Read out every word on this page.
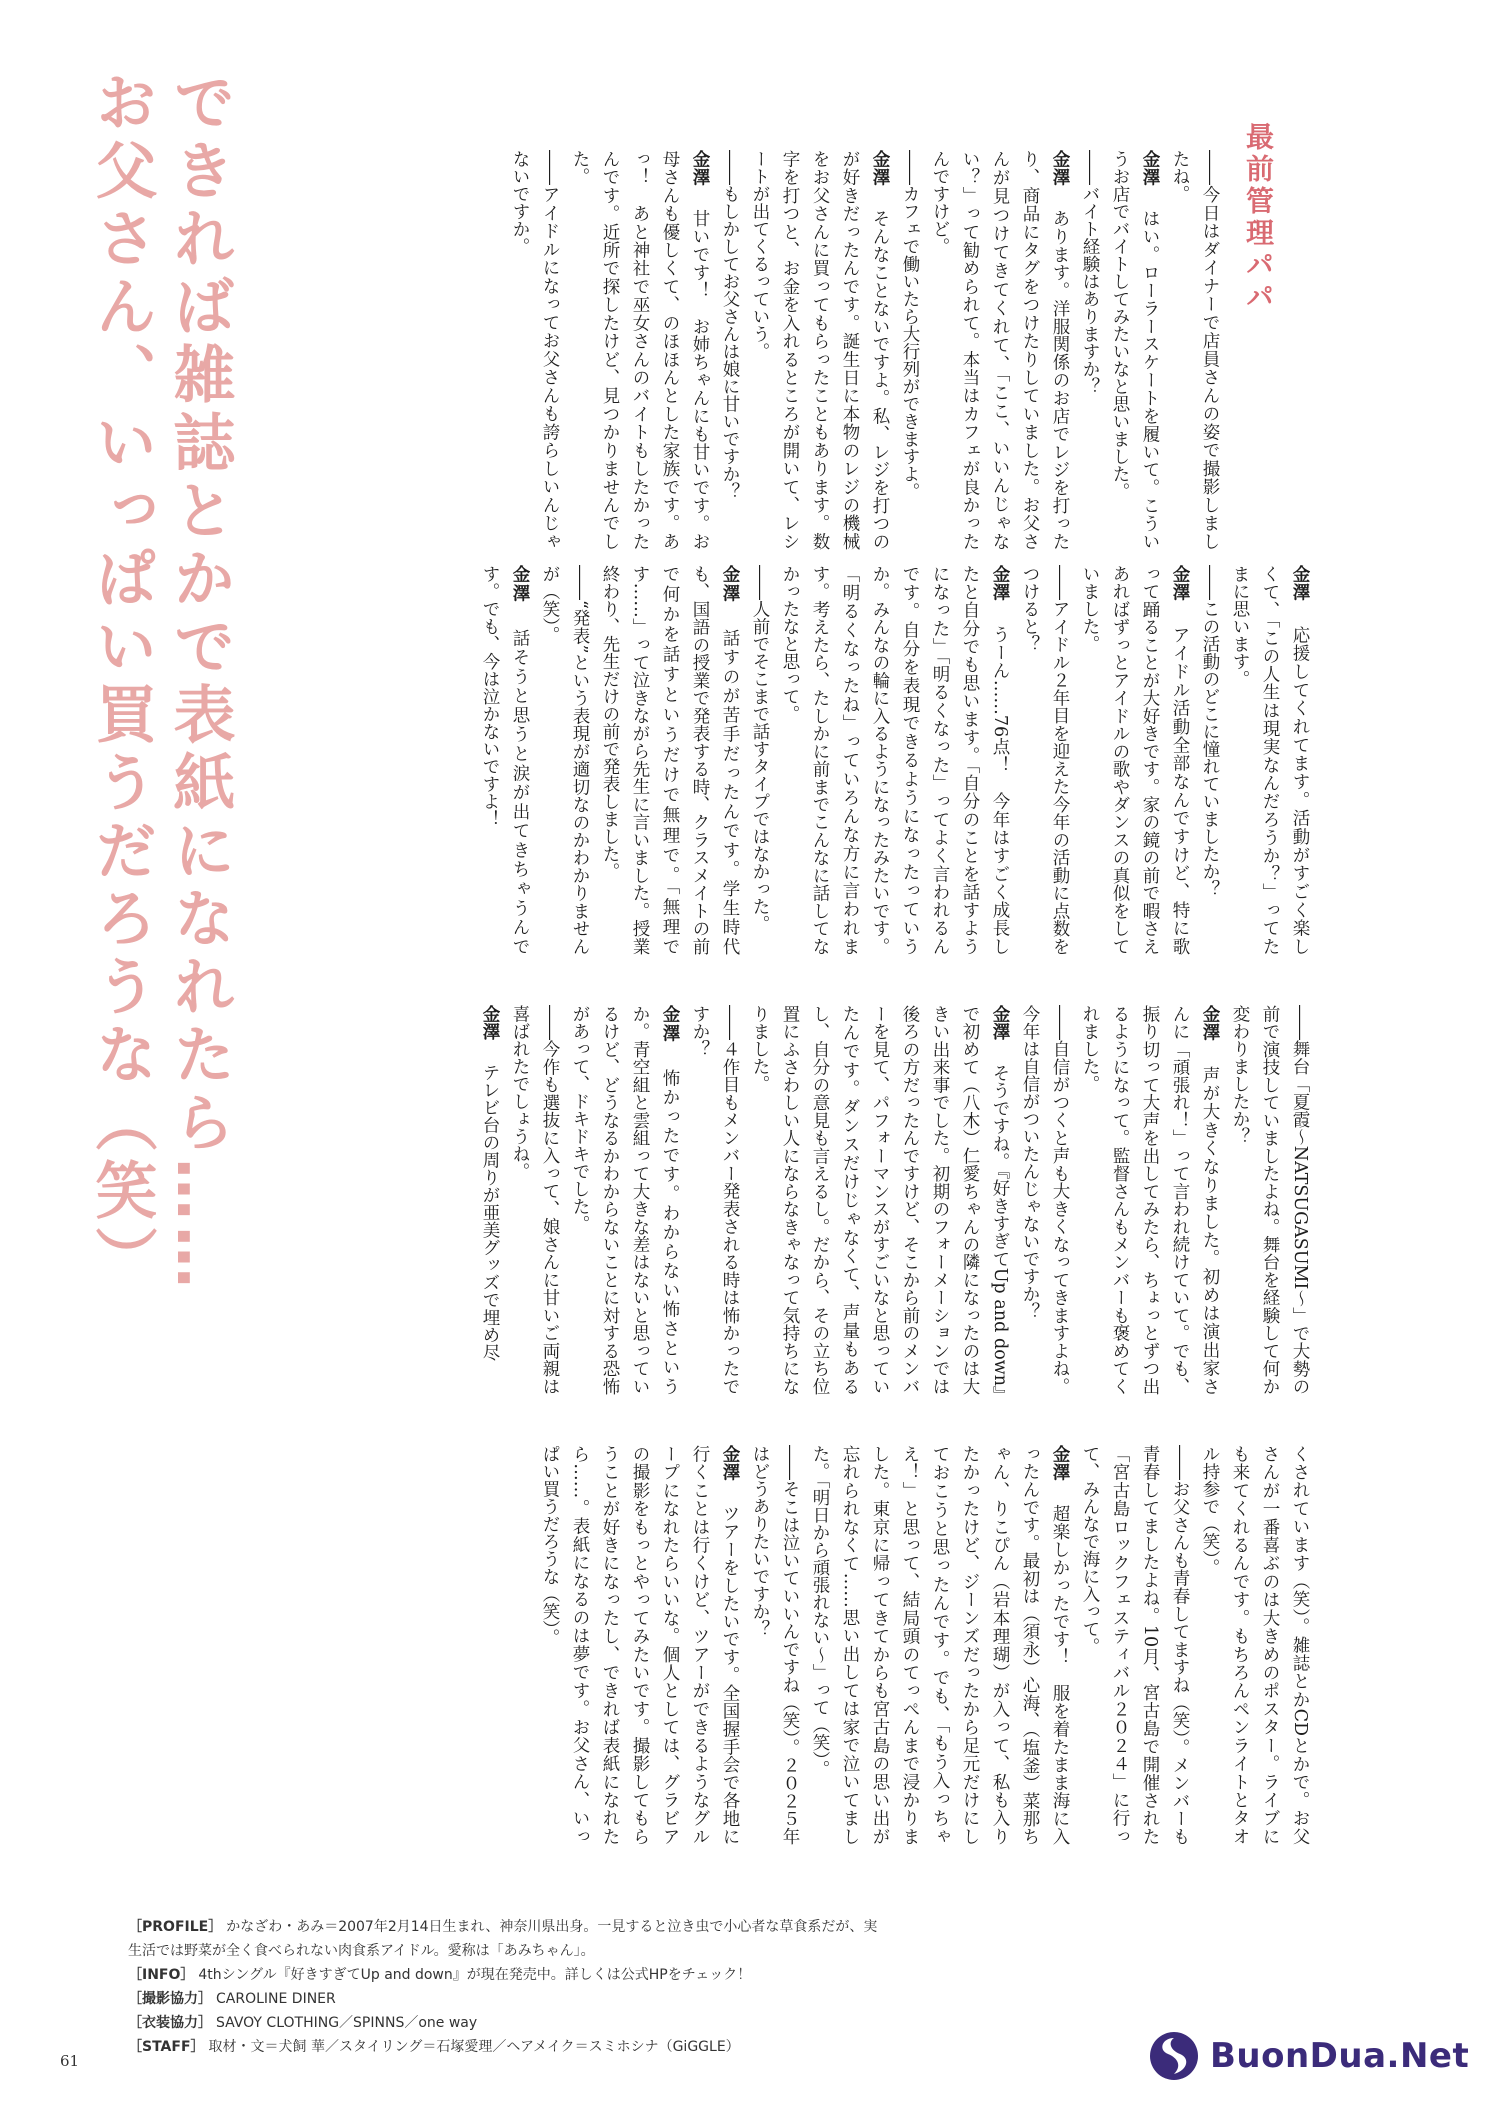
できれば雑誌とかで表紙になれたら……
お父さん、いっぱい買うだろうな（笑）	最前管理パパ

――今日はダイナーで店員さんの姿で撮影しましたね。

金澤　はい。ローラースケートを履いて。こういうお店でバイトしてみたいなと思いました。

――バイト経験はありますか？

金澤　あります。洋服関係のお店でレジを打ったり、商品にタグをつけたりしていました。お父さんが見つけてきてくれて、「ここ、いいんじゃない？」って勧められて。本当はカフェが良かったんですけど。

――カフェで働いたら大行列ができますよ。

金澤　そんなことないですよ。私、レジを打つのが好きだったんです。誕生日に本物のレジの機械をお父さんに買ってもらったこともあります。数字を打つと、お金を入れるところが開いて、レシートが出てくるっていう。

――もしかしてお父さんは娘に甘いですか？

金澤　甘いです！　お姉ちゃんにも甘いです。お母さんも優しくて、のほほんとした家族です。あっ！　あと神社で巫女さんのバイトもしたかったんです。近所で探したけど、見つかりませんでした。

――アイドルになってお父さんも誇らしいんじゃないですか。

金澤　応援してくれてます。活動がすごく楽しくて、「この人生は現実なんだろうか？」ってたまに思います。

――この活動のどこに憧れていましたか？

金澤　アイドル活動全部なんですけど、特に歌って踊ることが大好きです。家の鏡の前で暇さえあればずっとアイドルの歌やダンスの真似をしていました。

――アイドル２年目を迎えた今年の活動に点数をつけると？

金澤　うーん……76点！　今年はすごく成長したと自分でも思います。「自分のことを話すようになった」「明るくなった」ってよく言われるんです。自分を表現できるようになったっていうか。みんなの輪に入るようになったみたいです。「明るくなったね」っていろんな方に言われます。考えたら、たしかに前までこんなに話してなかったなと思って。

――人前でそこまで話すタイプではなかった。

金澤　話すのが苦手だったんです。学生時代も、国語の授業で発表する時、クラスメイトの前で何かを話すというだけで無理で。「無理です……」って泣きながら先生に言いました。授業終わり、先生だけの前で発表しました。

――“発表”という表現が適切なのかわかりませんが（笑）。

金澤　話そうと思うと涙が出てきちゃうんです。でも、今は泣かないですよ！

――舞台「夏霞～NATSUGASUMI～」で大勢の前で演技していましたよね。舞台を経験して何か変わりましたか？

金澤　声が大きくなりました。初めは演出家さんに「頑張れ！」って言われ続けていて。でも、振り切って大声を出してみたら、ちょっとずつ出るようになって。監督さんもメンバーも褒めてくれました。

――自信がつくと声も大きくなってきますよね。今年は自信がついたんじゃないですか？

金澤　そうですね。『好きすぎてUp and down』で初めて（八木）仁愛ちゃんの隣になったのは大きい出来事でした。初期のフォーメーションでは後ろの方だったんですけど、そこから前のメンバーを見て、パフォーマンスがすごいなと思っていたんです。ダンスだけじゃなくて、声量もあるし、自分の意見も言えるし。だから、その立ち位置にふさわしい人にならなきゃなって気持ちになりました。

――４作目もメンバー発表される時は怖かったですか？

金澤　怖かったです。わからない怖さというか。青空組と雲組って大きな差はないと思っているけど、どうなるかわからないことに対する恐怖があって、ドキドキでした。

――今作も選抜に入って、娘さんに甘いご両親は喜ばれたでしょうね。

金澤　テレビ台の周りが亜美グッズで埋め尽

くされています（笑）。雑誌とかCDとかで。お父さんが一番喜ぶのは大きめのポスター。ライブにも来てくれるんです。もちろんペンライトとタオル持参で（笑）。

――お父さんも青春してますね（笑）。メンバーも青春してましたよね。10月、宮古島で開催された「宮古島ロックフェスティバル２０２４」に行って、みんなで海に入って。

金澤　超楽しかったです！　服を着たまま海に入ったんです。最初は（須永）心海、（塩釜）菜那ちゃん、りこぴん（岩本理瑚）が入って、私も入りたかったけど、ジーンズだったから足元だけにしておこうと思ったんです。でも、「もう入っちゃえ！」と思って、結局頭のてっぺんまで浸かりました。東京に帰ってきてからも宮古島の思い出が忘れられなくて……思い出しては家で泣いてました。「明日から頑張れない～」って（笑）。

――そこは泣いていいんですね（笑）。２０２５年はどうありたいですか？

金澤　ツアーをしたいです。全国握手会で各地に行くことは行くけど、ツアーができるようなグループになれたらいいな。個人としては、グラビアの撮影をもっとやってみたいです。撮影してもらうことが好きになったし、できれば表紙になれたら……。表紙になるのは夢です。お父さん、いっぱい買うだろうな（笑）。

［PROFILE］ かなざわ・あみ＝2007年2月14日生まれ、神奈川県出身。一見すると泣き虫で小心者な草食系だが、実生活では野菜が全く食べられない肉食系アイドル。愛称は「あみちゃん」。
［INFO］ 4thシングル『好きすぎてUp and down』が現在発売中。詳しくは公式HPをチェック！
［撮影協力］ CAROLINE DINER
［衣装協力］ SAVOY CLOTHING／SPINNS／one way
［STAFF］ 取材・文＝犬飼 華／スタイリング＝石塚愛理／ヘアメイク＝スミホシナ（GiGGLE）
61	BuonDua.Net
